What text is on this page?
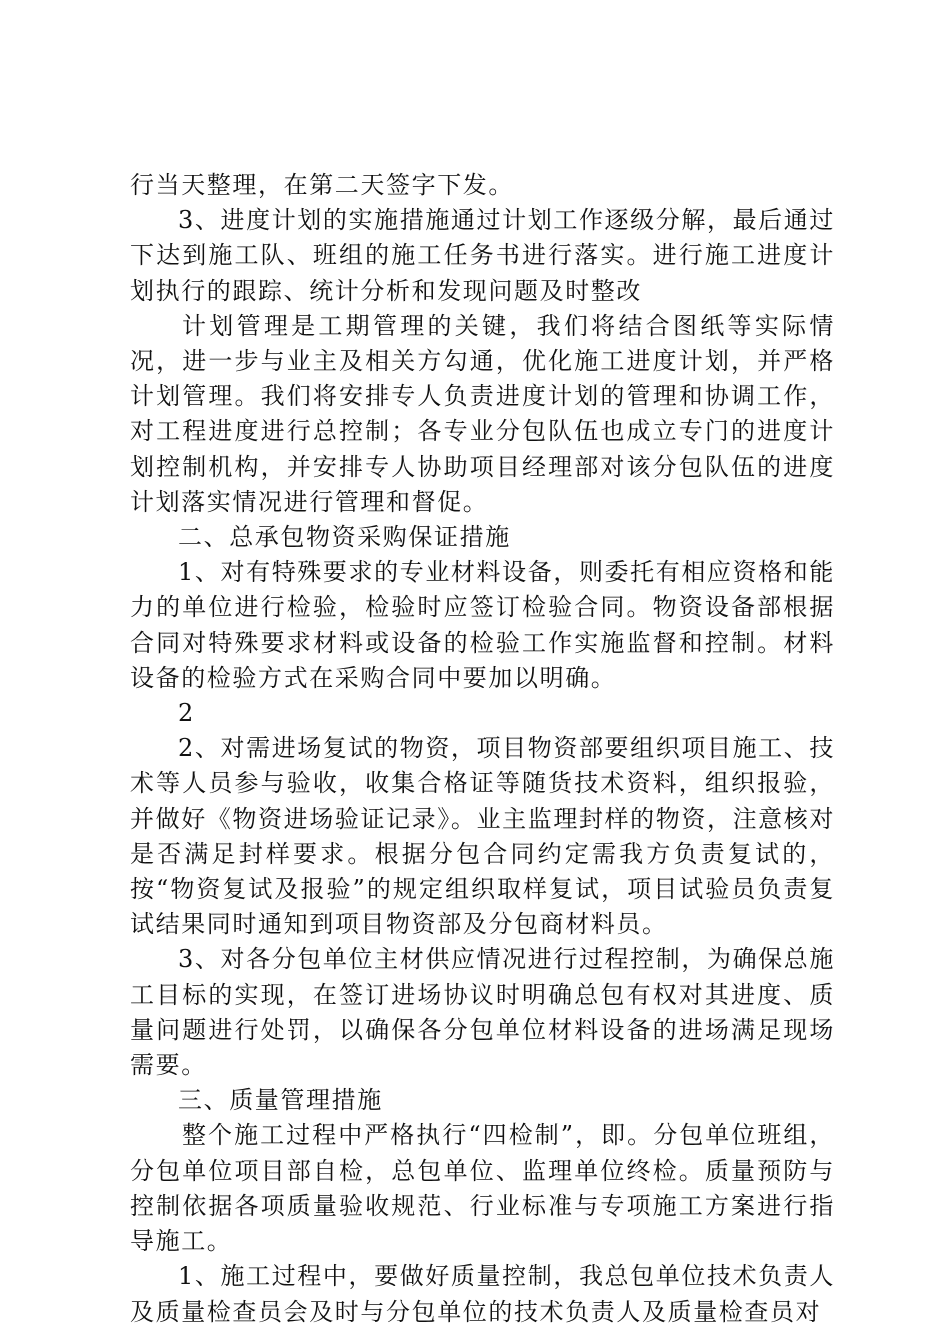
行当天整理，在第二天签字下发。

3、进度计划的实施措施通过计划工作逐级分解，最后通过下达到施工队、班组的施工任务书进行落实。进行施工进度计划执行的跟踪、统计分析和发现问题及时整改

计划管理是工期管理的关键，我们将结合图纸等实际情况，进一步与业主及相关方勾通，优化施工进度计划，并严格计划管理。我们将安排专人负责进度计划的管理和协调工作，对工程进度进行总控制；各专业分包队伍也成立专门的进度计划控制机构，并安排专人协助项目经理部对该分包队伍的进度计划落实情况进行管理和督促。

二、总承包物资采购保证措施

1、对有特殊要求的专业材料设备，则委托有相应资格和能力的单位进行检验，检验时应签订检验合同。物资设备部根据合同对特殊要求材料或设备的检验工作实施监督和控制。材料设备的检验方式在采购合同中要加以明确。

2

2、对需进场复试的物资，项目物资部要组织项目施工、技术等人员参与验收，收集合格证等随货技术资料，组织报验，并做好《物资进场验证记录》。业主监理封样的物资，注意核对是否满足封样要求。根据分包合同约定需我方负责复试的，按“物资复试及报验”的规定组织取样复试，项目试验员负责复试结果同时通知到项目物资部及分包商材料员。

3、对各分包单位主材供应情况进行过程控制，为确保总施工目标的实现，在签订进场协议时明确总包有权对其进度、质量问题进行处罚，以确保各分包单位材料设备的进场满足现场需要。

三、质量管理措施

整个施工过程中严格执行“四检制”，即。分包单位班组，分包单位项目部自检，总包单位、监理单位终检。质量预防与控制依据各项质量验收规范、行业标准与专项施工方案进行指导施工。

1、施工过程中，要做好质量控制，我总包单位技术负责人及质量检查员会及时与分包单位的技术负责人及质量检查员对
